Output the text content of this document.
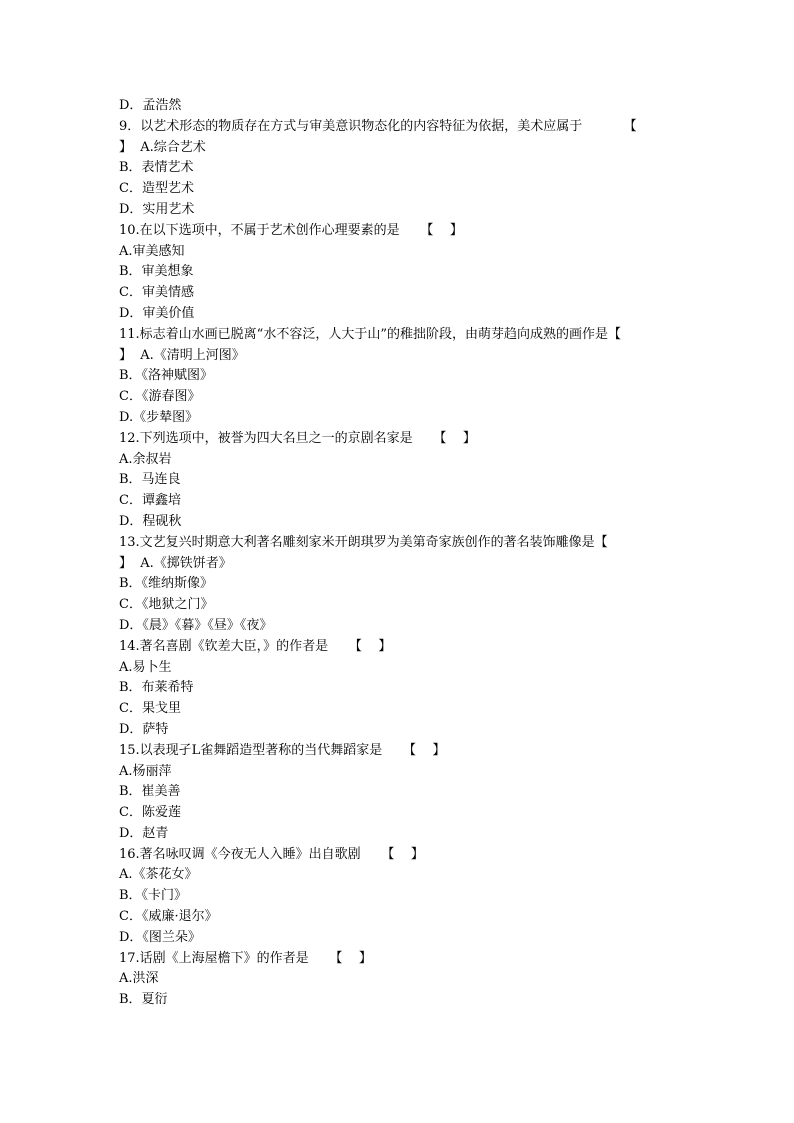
D．孟浩然
9．以艺术形态的物质存在方式与审美意识物态化的内容特征为依据，美术应属于          【
】  A.综合艺术
B．表情艺术
C．造型艺术
D．实用艺术
10.在以下选项中，不属于艺术创作心理要素的是     【    】
A.审美感知
B．审美想象
C．审美情感
D．审美价值
11.标志着山水画已脱离“水不容泛，人大于山”的稚拙阶段，由萌芽趋向成熟的画作是【
】  A.《清明上河图》
B．《洛神赋图》
C．《游春图》
D.《步辇图》
12.下列选项中，被誉为四大名旦之一的京剧名家是     【    】
A.余叔岩
B．马连良
C．谭鑫培
D．程砚秋
13.文艺复兴时期意大利著名雕刻家米开朗琪罗为美第奇家族创作的著名装饰雕像是【
】  A.《掷铁饼者》
B．《维纳斯像》
C．《地狱之门》
D．《晨》《暮》《昼》《夜》
14.著名喜剧《钦差大臣，》的作者是     【    】
A.易卜生
B．布莱希特
C．果戈里
D．萨特
15.以表现孑L雀舞蹈造型著称的当代舞蹈家是     【    】
A.杨丽萍
B．崔美善
C．陈爱莲
D．赵青
16.著名咏叹调《今夜无人入睡》出自歌剧     【    】
A.《茶花女》
B．《卡门》
C．《威廉·退尔》
D．《图兰朵》
17.话剧《上海屋檐下》的作者是     【    】
A.洪深
B．夏衍
